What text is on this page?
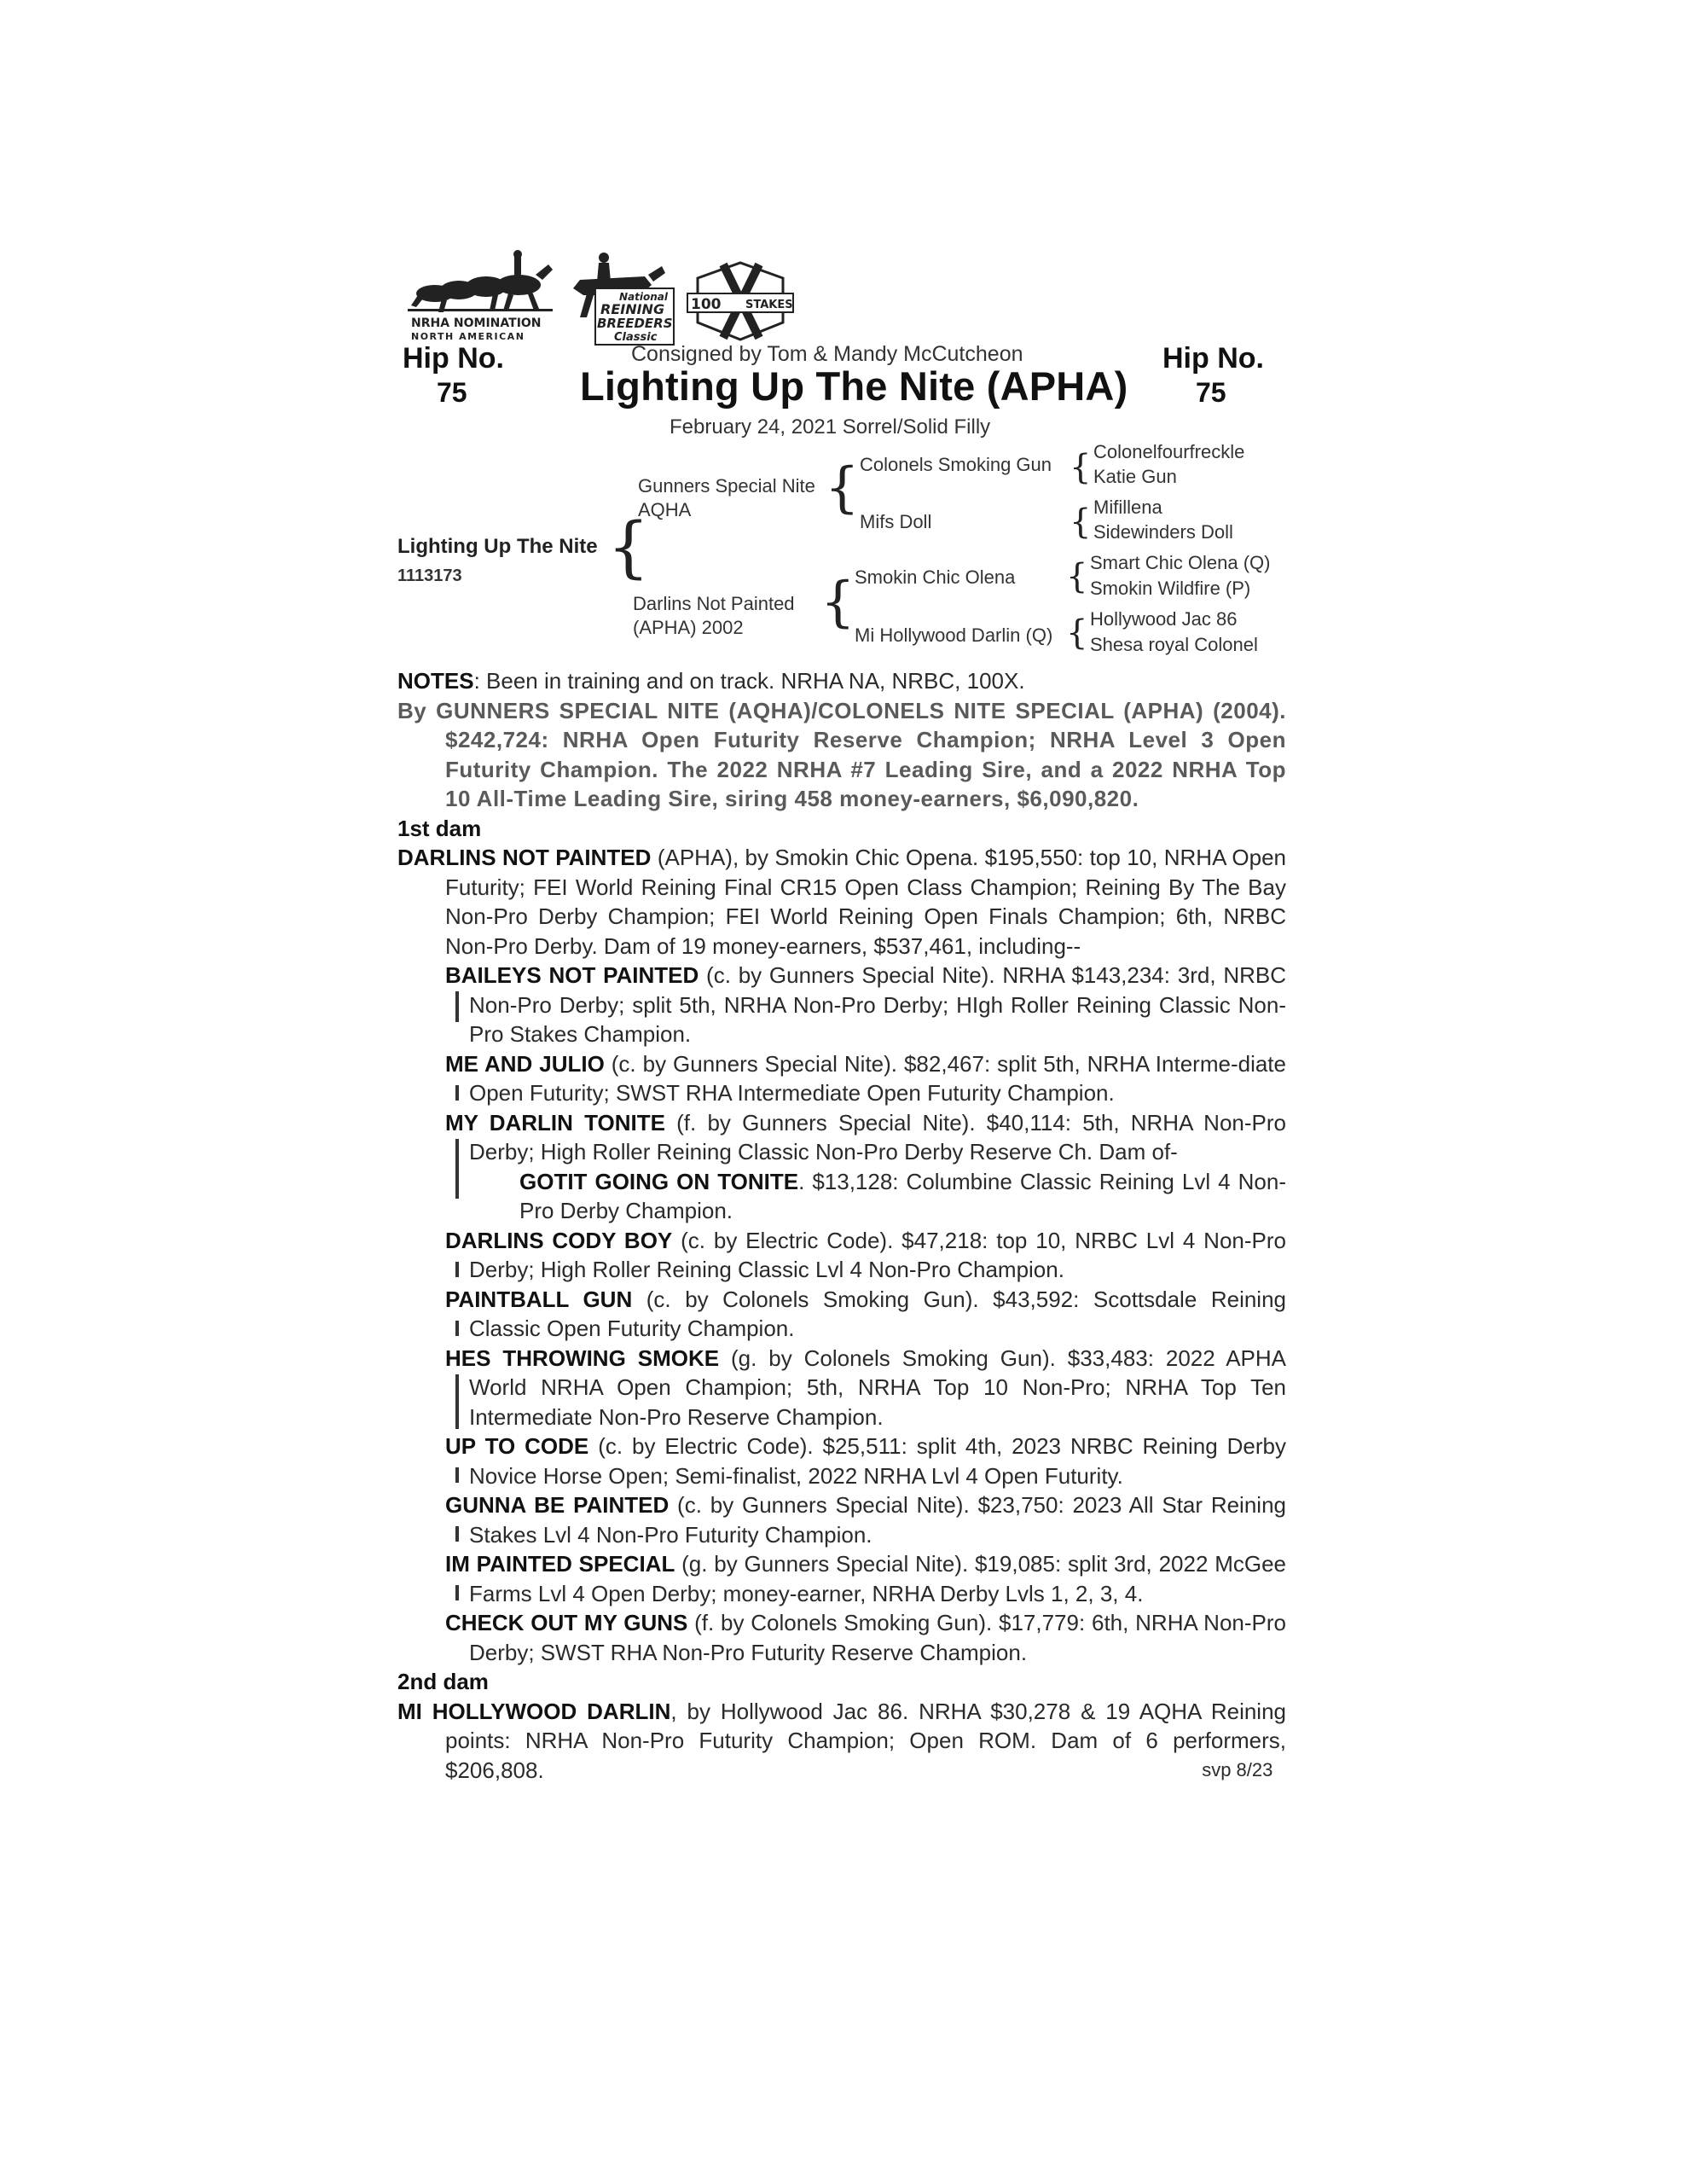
NRHA NOMINATION
NORTH AMERICAN
National
REINING
BREEDERS
Classic
100 STAKES
Hip No.
75
Hip No.
75
Consigned by Tom & Mandy McCutcheon
Lighting Up The Nite (APHA)
February 24, 2021 Sorrel/Solid Filly
Lighting Up The Nite
1113173 {
Gunners Special Nite
AQHA
Darlins Not Painted
(APHA) 2002
{
{
Colonels Smoking Gun
Mifs Doll
Smokin Chic Olena
Mi Hollywood Darlin (Q)
{
{
{
{
Colonelfourfreckle
Katie Gun
Mifillena
Sidewinders Doll
Smart Chic Olena (Q)
Smokin Wildfire (P)
Hollywood Jac 86
Shesa royal Colonel

NOTES: Been in training and on track. NRHA NA, NRBC, 100X.

By GUNNERS SPECIAL NITE (AQHA)/COLONELS NITE SPECIAL (APHA) (2004). $242,724: NRHA Open Futurity Reserve Champion; NRHA Level 3 Open Futurity Champion. The 2022 NRHA #7 Leading Sire, and a 2022 NRHA Top 10 All-Time Leading Sire, siring 458 money-earners, $6,090,820.

1st dam

DARLINS NOT PAINTED (APHA), by Smokin Chic Opena. $195,550: top 10, NRHA Open Futurity; FEI World Reining Final CR15 Open Class Champion; Reining By The Bay Non-Pro Derby Champion; FEI World Reining Open Finals Champion; 6th, NRBC Non-Pro Derby. Dam of 19 money-earners, $537,461, including--

BAILEYS NOT PAINTED (c. by Gunners Special Nite). NRHA $143,234: 3rd, NRBC Non-Pro Derby; split 5th, NRHA Non-Pro Derby; HIgh Roller Reining Classic Non-Pro Stakes Champion.
ME AND JULIO (c. by Gunners Special Nite). $82,467: split 5th, NRHA Interme-diate Open Futurity; SWST RHA Intermediate Open Futurity Champion.
MY DARLIN TONITE (f. by Gunners Special Nite). $40,114: 5th, NRHA Non-Pro Derby; High Roller Reining Classic Non-Pro Derby Reserve Ch. Dam of-
GOTIT GOING ON TONITE. $13,128: Columbine Classic Reining Lvl 4 Non-Pro Derby Champion.
DARLINS CODY BOY (c. by Electric Code). $47,218: top 10, NRBC Lvl 4 Non-Pro Derby; High Roller Reining Classic Lvl 4 Non-Pro Champion.
PAINTBALL GUN (c. by Colonels Smoking Gun). $43,592: Scottsdale Reining Classic Open Futurity Champion.
HES THROWING SMOKE (g. by Colonels Smoking Gun). $33,483: 2022 APHA World NRHA Open Champion; 5th, NRHA Top 10 Non-Pro; NRHA Top Ten Intermediate Non-Pro Reserve Champion.
UP TO CODE (c. by Electric Code). $25,511: split 4th, 2023 NRBC Reining Derby Novice Horse Open; Semi-finalist, 2022 NRHA Lvl 4 Open Futurity.
GUNNA BE PAINTED (c. by Gunners Special Nite). $23,750: 2023 All Star Reining Stakes Lvl 4 Non-Pro Futurity Champion.
IM PAINTED SPECIAL (g. by Gunners Special Nite). $19,085: split 3rd, 2022 McGee Farms Lvl 4 Open Derby; money-earner, NRHA Derby Lvls 1, 2, 3, 4.
CHECK OUT MY GUNS (f. by Colonels Smoking Gun). $17,779: 6th, NRHA Non-Pro Derby; SWST RHA Non-Pro Futurity Reserve Champion.

2nd dam

MI HOLLYWOOD DARLIN, by Hollywood Jac 86. NRHA $30,278 & 19 AQHA Reining points: NRHA Non-Pro Futurity Champion; Open ROM. Dam of 6 performers, $206,808.	svp 8/23
